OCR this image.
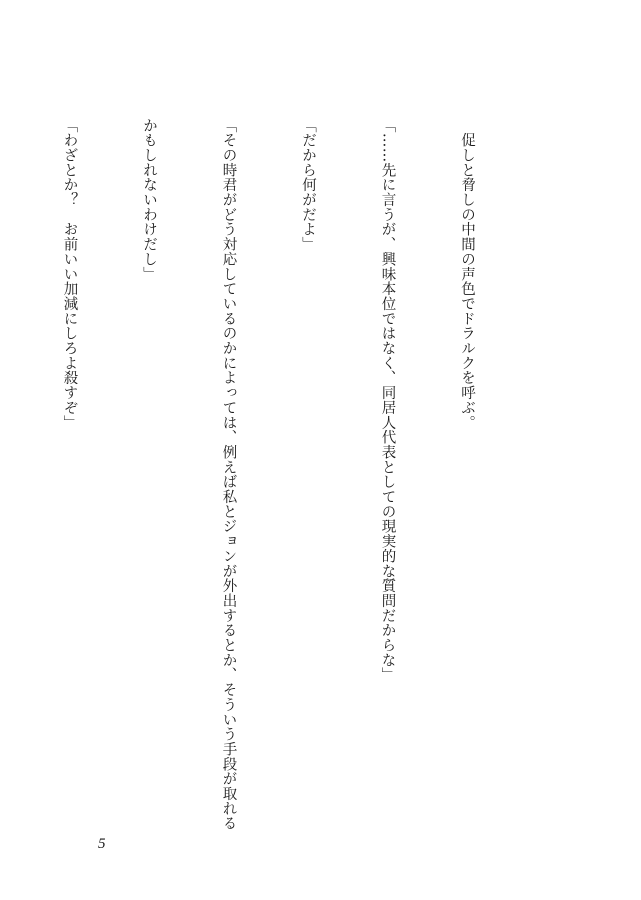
　促しと脅しの中間の声色でドラルクを呼ぶ。

「……先に言うが、興味本位ではなく、同居人代表としての現実的な質問だからな」

「だから何がだよ」

「その時君がどう対応しているのかによっては、例えば私とジョンが外出するとか、そういう手段が取れる

かもしれないわけだし」

「わざとか？　お前いい加減にしろよ殺すぞ」

5
